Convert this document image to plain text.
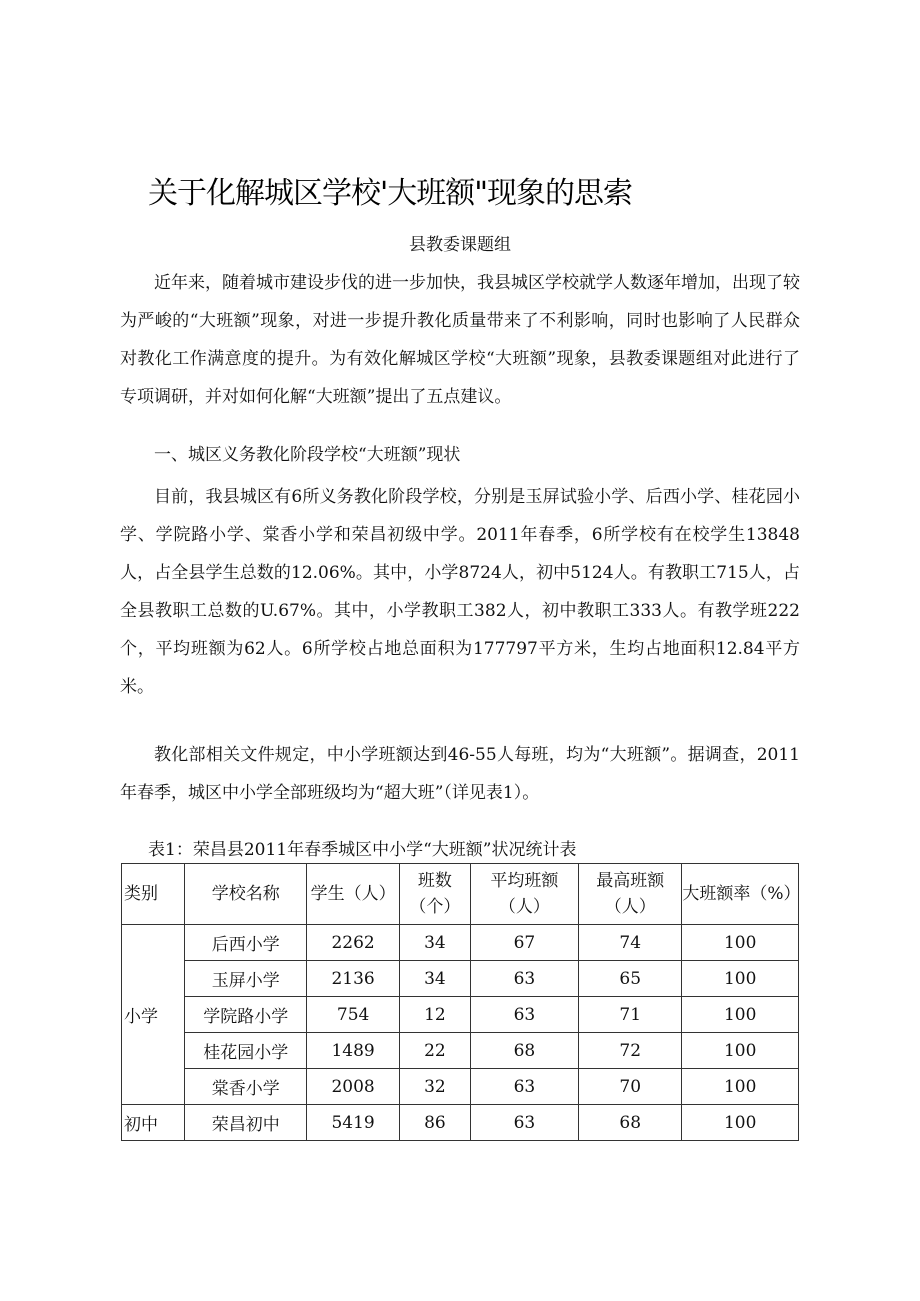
关于化解城区学校'大班额"现象的思索
县教委课题组

近年来，随着城市建设步伐的进一步加快，我县城区学校就学人数逐年增加，出现了较为严峻的“大班额”现象，对进一步提升教化质量带来了不利影响，同时也影响了人民群众对教化工作满意度的提升。为有效化解城区学校“大班额”现象，县教委课题组对此进行了专项调研，并对如何化解“大班额”提出了五点建议。

一、城区义务教化阶段学校“大班额”现状

目前，我县城区有6所义务教化阶段学校，分别是玉屏试验小学、后西小学、桂花园小学、学院路小学、棠香小学和荣昌初级中学。2011年春季，6所学校有在校学生13848人，占全县学生总数的12.06%。其中，小学8724人，初中5124人。有教职工715人，占全县教职工总数的U.67%。其中，小学教职工382人，初中教职工333人。有教学班222个，平均班额为62人。6所学校占地总面积为177797平方米，生均占地面积12.84平方米。

教化部相关文件规定，中小学班额达到46-55人每班，均为“大班额”。据调查，2011年春季，城区中小学全部班级均为“超大班”（详见表1）。

表1：荣昌县2011年春季城区中小学“大班额”状况统计表
类别	学校名称	学生（人）	班数（个）	平均班额（人）	最高班额（人）	大班额率（%）
小学	后西小学	2262	34	67	74	100
	玉屏小学	2136	34	63	65	100
	学院路小学	754	12	63	71	100
	桂花园小学	1489	22	68	72	100
	棠香小学	2008	32	63	70	100
初中	荣昌初中	5419	86	63	68	100
